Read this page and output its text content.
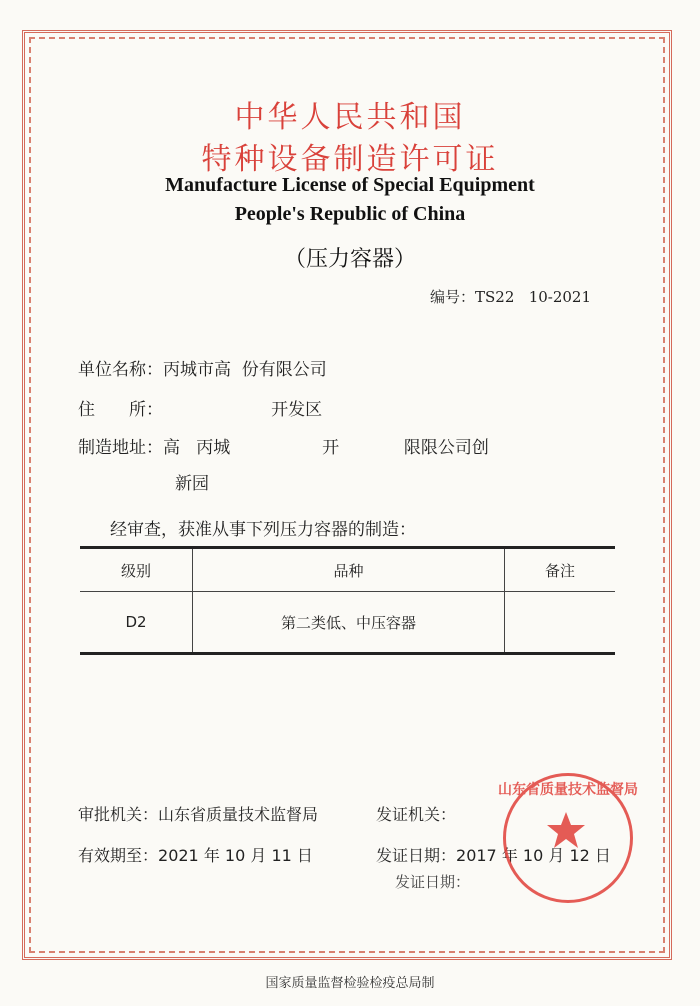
中华人民共和国
特种设备制造许可证
Manufacture License of Special Equipment
People's Republic of China
（压力容器）
编号：TS22   10-2021
单位名称：丙城市高  份有限公司
住　　所：                    开发区
制造地址：高   丙城                 开            限限公司创
新园
经审查，获准从事下列压力容器的制造：
级别	品种	备注
D2	第二类低、中压容器	
审批机关：山东省质量技术监督局	发证机关：
有效期至：2021 年 10 月 11 日	发证日期：2017 年 10 月 12 日
发证日期：
山东省质量技术监督局
国家质量监督检验检疫总局制
